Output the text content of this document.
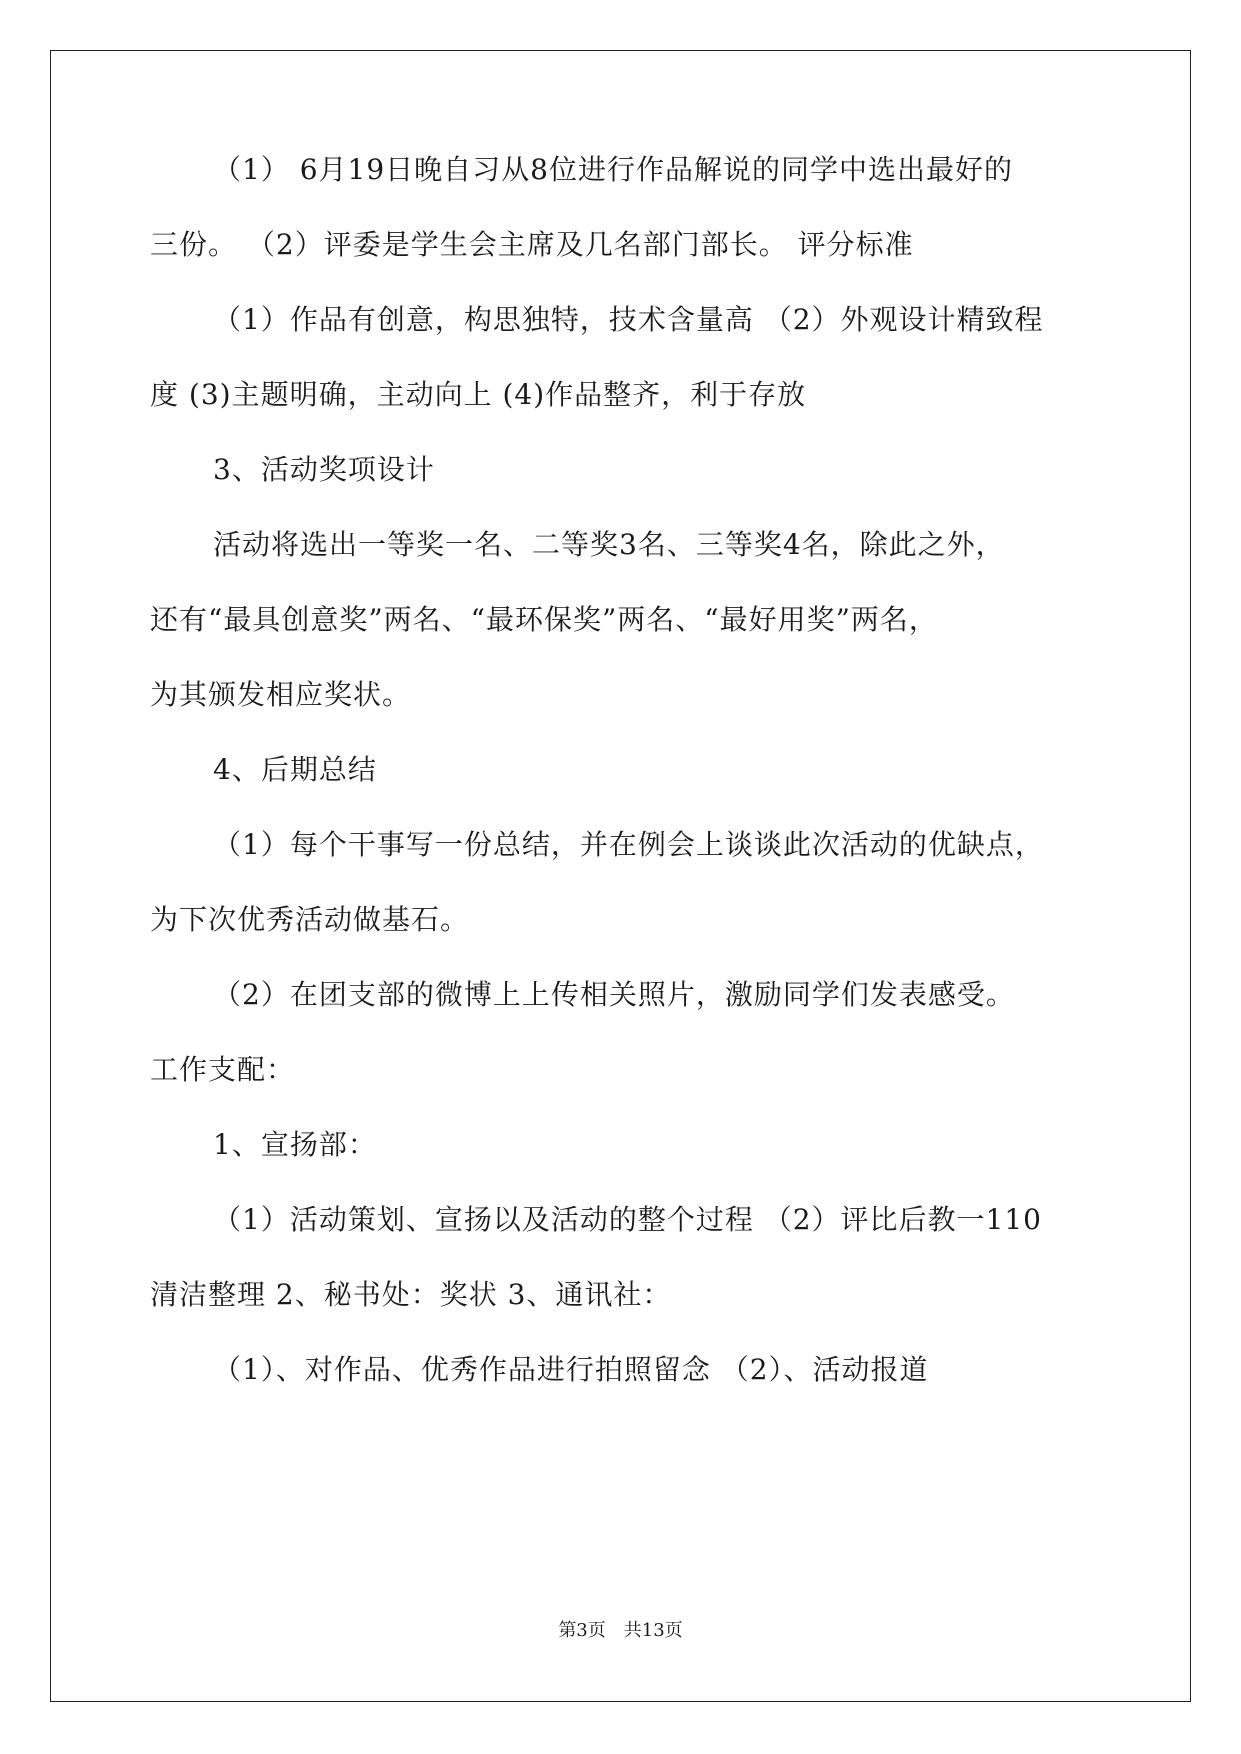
（1） 6月19日晚自习从8位进行作品解说的同学中选出最好的
三份。 （2）评委是学生会主席及几名部门部长。 评分标准
（1）作品有创意，构思独特，技术含量高 （2）外观设计精致程
度 (3)主题明确，主动向上 (4)作品整齐，利于存放
3、活动奖项设计
活动将选出一等奖一名、二等奖3名、三等奖4名，除此之外，
还有“最具创意奖”两名、“最环保奖”两名、“最好用奖”两名，
为其颁发相应奖状。
4、后期总结
（1）每个干事写一份总结，并在例会上谈谈此次活动的优缺点，
为下次优秀活动做基石。
（2）在团支部的微博上上传相关照片，激励同学们发表感受。
工作支配：
1、宣扬部：
（1）活动策划、宣扬以及活动的整个过程 （2）评比后教一110
清洁整理 2、秘书处：奖状 3、通讯社：
（1）、对作品、优秀作品进行拍照留念 （2）、活动报道
第3页 共13页
